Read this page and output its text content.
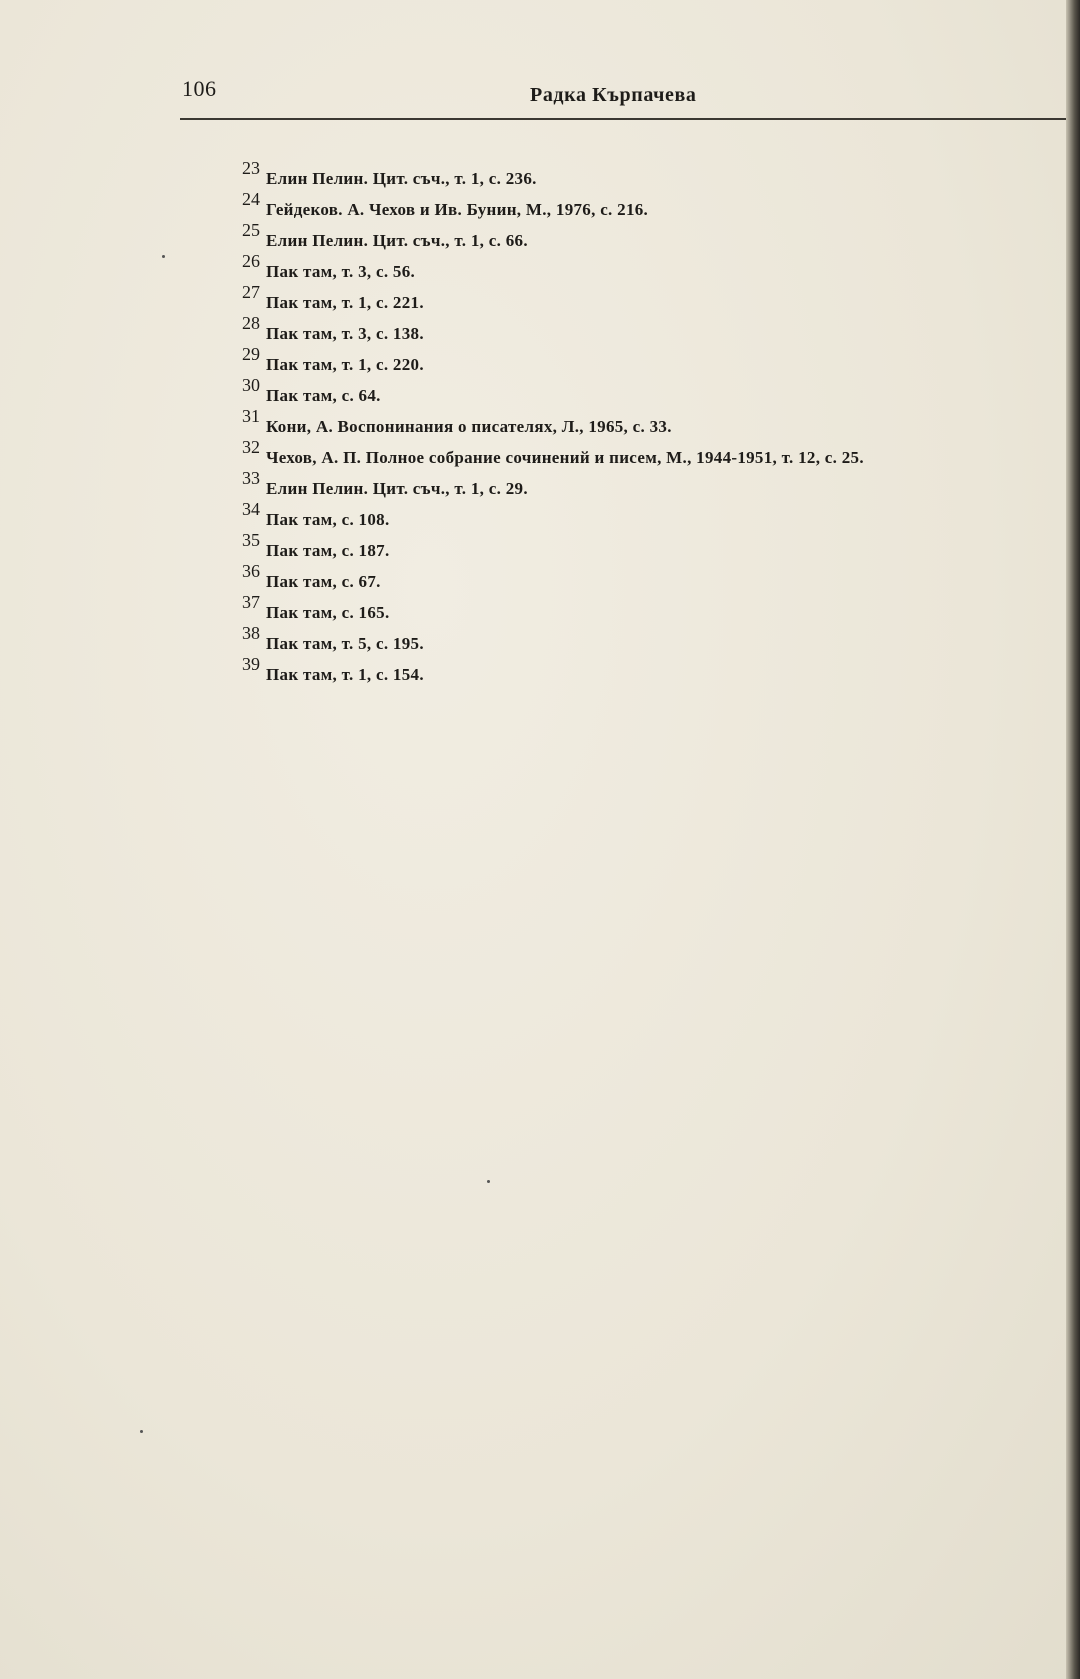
106	Радка Кърпачева
23
Елин Пелин. Цит. съч., т. 1, с. 236.
24
Гейдеков. А. Чехов и Ив. Бунин, М., 1976, с. 216.
25
Елин Пелин. Цит. съч., т. 1, с. 66.
26
Пак там, т. 3, с. 56.
27
Пак там, т. 1, с. 221.
28
Пак там, т. 3, с. 138.
29
Пак там, т. 1, с. 220.
30
Пак там, с. 64.
31
Кони, А. Воспонинания о писателях, Л., 1965, с. 33.
32
Чехов, А. П. Полное собрание сочинений и писем, М., 1944-1951, т. 12, с. 25.
33
Елин Пелин. Цит. съч., т. 1, с. 29.
34
Пак там, с. 108.
35
Пак там, с. 187.
36
Пак там, с. 67.
37
Пак там, с. 165.
38
Пак там, т. 5, с. 195.
39
Пак там, т. 1, с. 154.
